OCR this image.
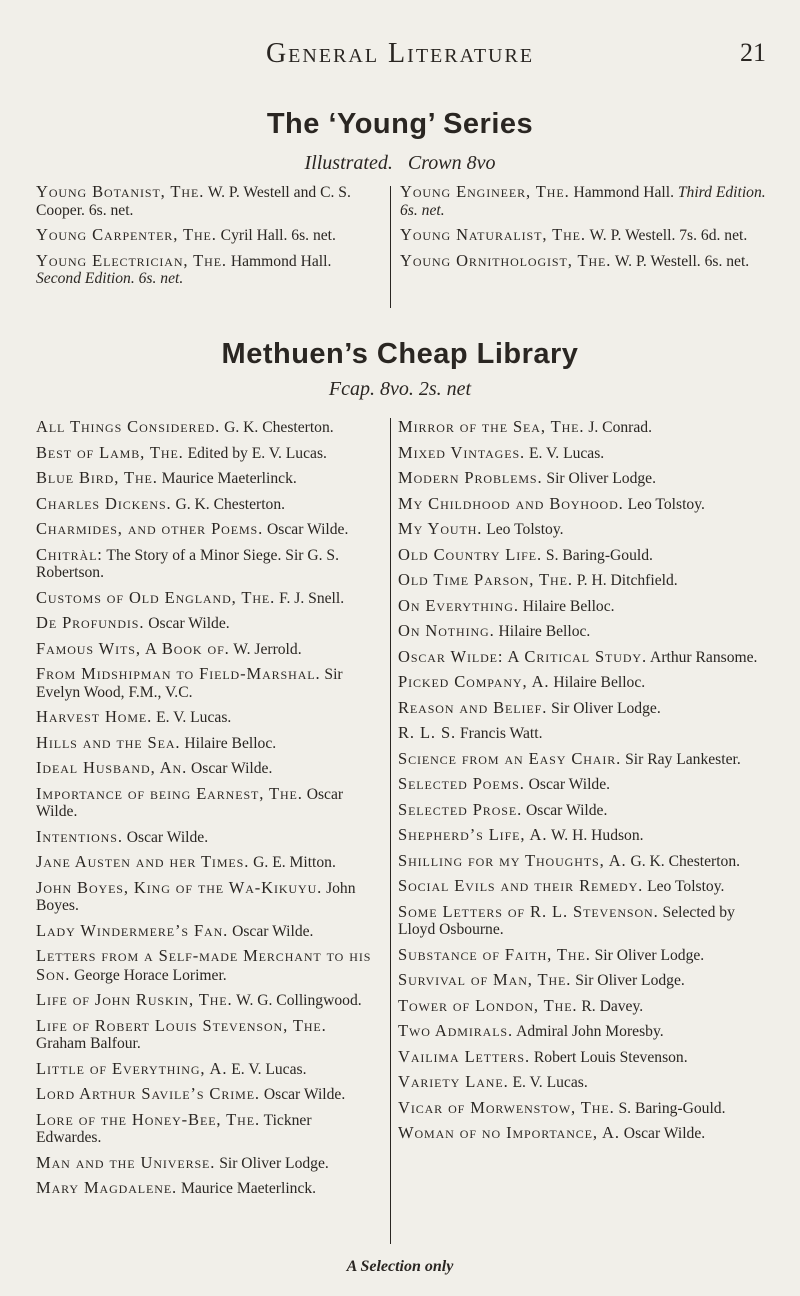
General Literature	21
The ‘Young’ Series
Illustrated.   Crown 8vo
Young Botanist, The. W. P. Westell and C. S. Cooper. 6s. net.
Young Carpenter, The. Cyril Hall. 6s. net.
Young Electrician, The. Hammond Hall. Second Edition. 6s. net.
Young Engineer, The. Hammond Hall. Third Edition. 6s. net.
Young Naturalist, The. W. P. Westell. 7s. 6d. net.
Young Ornithologist, The. W. P. Westell. 6s. net.
Methuen’s Cheap Library
Fcap. 8vo. 2s. net
All Things Considered. G. K. Chesterton.
Best of Lamb, The. Edited by E. V. Lucas.
Blue Bird, The. Maurice Maeterlinck.
Charles Dickens. G. K. Chesterton.
Charmides, and other Poems. Oscar Wilde.
Chitràl: The Story of a Minor Siege. Sir G. S. Robertson.
Customs of Old England, The. F. J. Snell.
De Profundis. Oscar Wilde.
Famous Wits, A Book of. W. Jerrold.
From Midshipman to Field-Marshal. Sir Evelyn Wood, F.M., V.C.
Harvest Home. E. V. Lucas.
Hills and the Sea. Hilaire Belloc.
Ideal Husband, An. Oscar Wilde.
Importance of being Earnest, The. Oscar Wilde.
Intentions. Oscar Wilde.
Jane Austen and her Times. G. E. Mitton.
John Boyes, King of the Wa-Kikuyu. John Boyes.
Lady Windermere’s Fan. Oscar Wilde.
Letters from a Self-made Merchant to his Son. George Horace Lorimer.
Life of John Ruskin, The. W. G. Collingwood.
Life of Robert Louis Stevenson, The. Graham Balfour.
Little of Everything, A. E. V. Lucas.
Lord Arthur Savile’s Crime. Oscar Wilde.
Lore of the Honey-Bee, The. Tickner Edwardes.
Man and the Universe. Sir Oliver Lodge.
Mary Magdalene. Maurice Maeterlinck.
Mirror of the Sea, The. J. Conrad.
Mixed Vintages. E. V. Lucas.
Modern Problems. Sir Oliver Lodge.
My Childhood and Boyhood. Leo Tolstoy.
My Youth. Leo Tolstoy.
Old Country Life. S. Baring-Gould.
Old Time Parson, The. P. H. Ditchfield.
On Everything. Hilaire Belloc.
On Nothing. Hilaire Belloc.
Oscar Wilde: A Critical Study. Arthur Ransome.
Picked Company, A. Hilaire Belloc.
Reason and Belief. Sir Oliver Lodge.
R. L. S. Francis Watt.
Science from an Easy Chair. Sir Ray Lankester.
Selected Poems. Oscar Wilde.
Selected Prose. Oscar Wilde.
Shepherd’s Life, A. W. H. Hudson.
Shilling for my Thoughts, A. G. K. Chesterton.
Social Evils and their Remedy. Leo Tolstoy.
Some Letters of R. L. Stevenson. Selected by Lloyd Osbourne.
Substance of Faith, The. Sir Oliver Lodge.
Survival of Man, The. Sir Oliver Lodge.
Tower of London, The. R. Davey.
Two Admirals. Admiral John Moresby.
Vailima Letters. Robert Louis Stevenson.
Variety Lane. E. V. Lucas.
Vicar of Morwenstow, The. S. Baring-Gould.
Woman of no Importance, A. Oscar Wilde.
A Selection only
